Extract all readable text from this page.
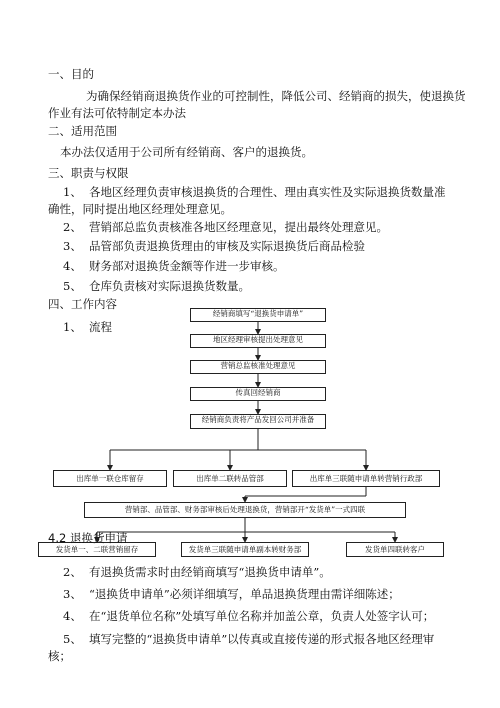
一、目的
为确保经销商退换货作业的可控制性，降低公司、经销商的损失，使退换货
作业有法可依特制定本办法
二、适用范围
本办法仅适用于公司所有经销商、客户的退换货。
三、职责与权限
1、 各地区经理负责审核退换货的合理性、理由真实性及实际退换货数量准
确性，同时提出地区经理处理意见。
2、 营销部总监负责核准各地区经理意见，提出最终处理意见。
3、 品管部负责退换货理由的审核及实际退换货后商品检验
4、 财务部对退换货金额等作进一步审核。
5、 仓库负责核对实际退换货数量。
四、工作内容
1、 流程
经销商填写“退换货申请单”
地区经理审核提出处理意见
营销总监核准处理意见
传真回经销商
经销商负责将产品发回公司并准备
出库单一联仓库留存	出库单二联转品管部	出库单三联随申请单转营销行政部
营销部、品管部、财务部审核后处理退换货，营销部开“发货单”一式四联
发货单一、二联营销留存	发货单三联随申请单副本转财务部	发货单四联转客户
4.2 退换货申请
2、 有退换货需求时由经销商填写“退换货申请单”。
3、 “退换货申请单”必须详细填写，单品退换货理由需详细陈述；
4、 在“退货单位名称”处填写单位名称并加盖公章，负责人处签字认可；
5、 填写完整的“退换货申请单”以传真或直接传递的形式报各地区经理审
核；
